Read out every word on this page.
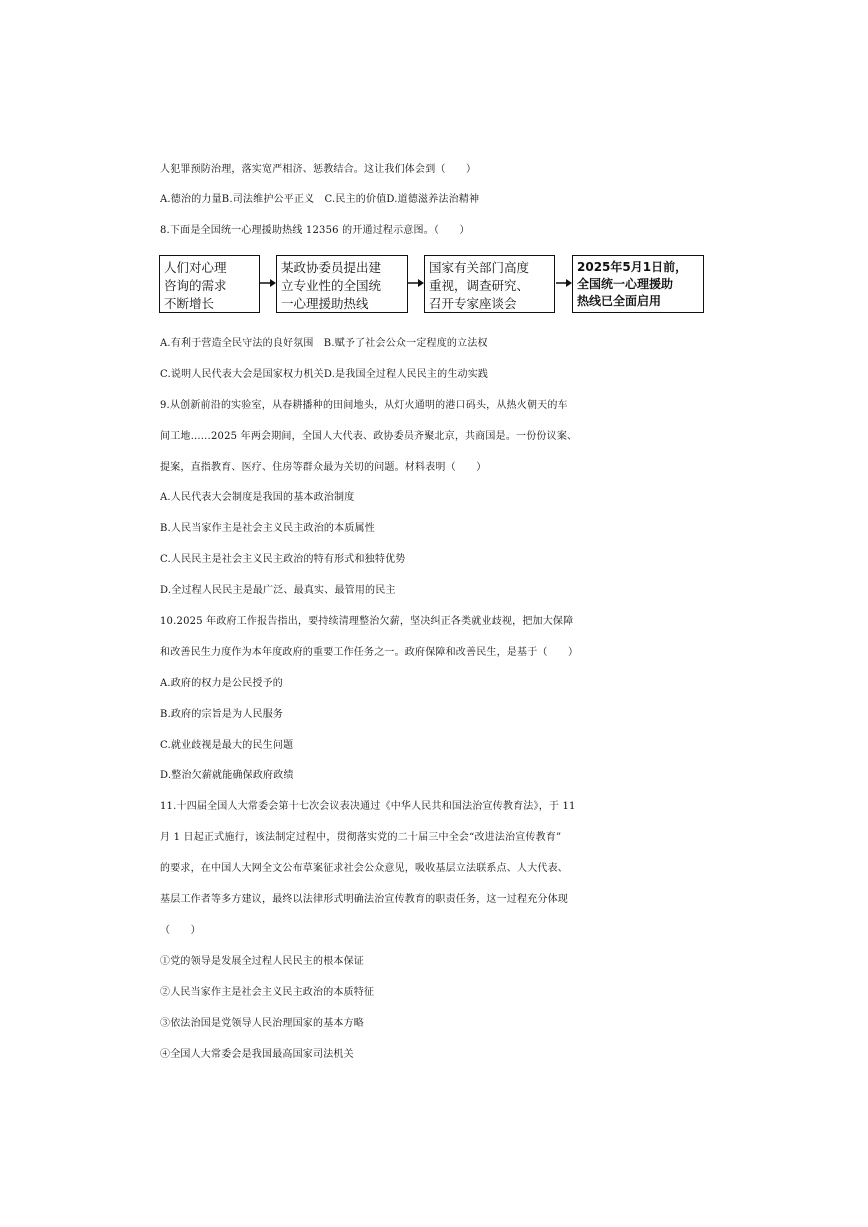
人犯罪预防治理，落实宽严相济、惩教结合。这让我们体会到（　　）
A.德治的力量B.司法维护公平正义　C.民主的价值D.道德滋养法治精神
8.下面是全国统一心理援助热线 12356 的开通过程示意图。（　　）
人们对心理
咨询的需求
不断增长
某政协委员提出建
立专业性的全国统
一心理援助热线
国家有关部门高度
重视，调查研究、
召开专家座谈会
2025年5月1日前，
全国统一心理援助
热线已全面启用
A.有利于营造全民守法的良好氛围　B.赋予了社会公众一定程度的立法权
C.说明人民代表大会是国家权力机关D.是我国全过程人民民主的生动实践
9.从创新前沿的实验室，从春耕播种的田间地头，从灯火通明的港口码头，从热火朝天的车
间工地……2025 年两会期间，全国人大代表、政协委员齐聚北京，共商国是。一份份议案、
提案，直指教育、医疗、住房等群众最为关切的问题。材料表明（　　）
A.人民代表大会制度是我国的基本政治制度
B.人民当家作主是社会主义民主政治的本质属性
C.人民民主是社会主义民主政治的特有形式和独特优势
D.全过程人民民主是最广泛、最真实、最管用的民主
10.2025 年政府工作报告指出，要持续清理整治欠薪，坚决纠正各类就业歧视，把加大保障
和改善民生力度作为本年度政府的重要工作任务之一。政府保障和改善民生，是基于（　　）
A.政府的权力是公民授予的
B.政府的宗旨是为人民服务
C.就业歧视是最大的民生问题
D.整治欠薪就能确保政府政绩
11.十四届全国人大常委会第十七次会议表决通过《中华人民共和国法治宣传教育法》，于 11
月 1 日起正式施行，该法制定过程中，贯彻落实党的二十届三中全会“改进法治宣传教育”
的要求，在中国人大网全文公布草案征求社会公众意见，吸收基层立法联系点、人大代表、
基层工作者等多方建议，最终以法律形式明确法治宣传教育的职责任务，这一过程充分体现
（　　）
①党的领导是发展全过程人民民主的根本保证
②人民当家作主是社会主义民主政治的本质特征
③依法治国是党领导人民治理国家的基本方略
④全国人大常委会是我国最高国家司法机关
